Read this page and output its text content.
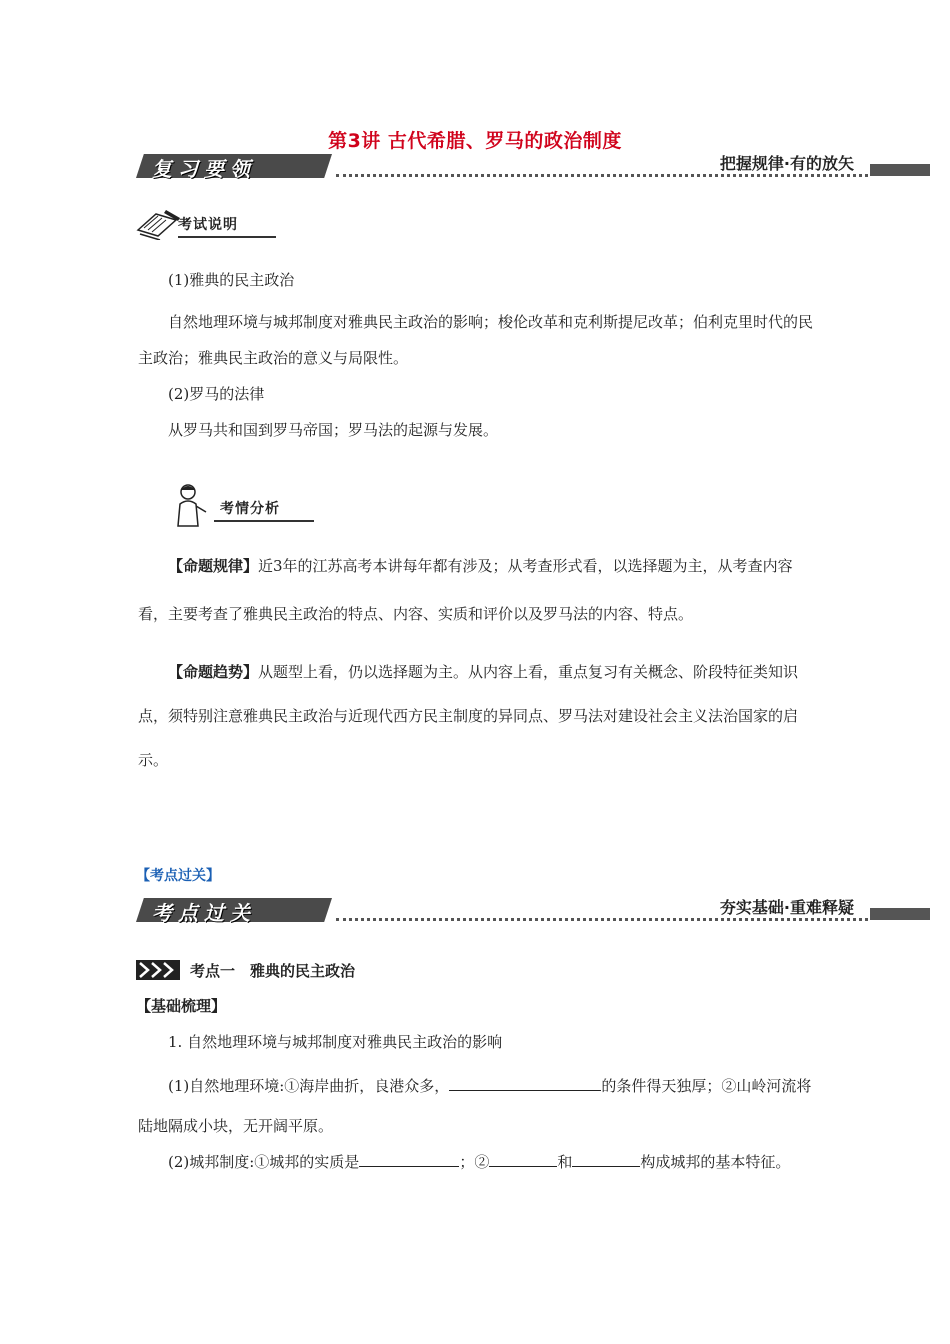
第3讲 古代希腊、罗马的政治制度
复习要领	把握规律·有的放矢
考试说明

(1)雅典的民主政治

自然地理环境与城邦制度对雅典民主政治的影响；梭伦改革和克利斯提尼改革；伯利克里时代的民主政治；雅典民主政治的意义与局限性。

(2)罗马的法律

从罗马共和国到罗马帝国；罗马法的起源与发展。

考情分析

【命题规律】近3年的江苏高考本讲每年都有涉及；从考查形式看，以选择题为主，从考查内容看，主要考查了雅典民主政治的特点、内容、实质和评价以及罗马法的内容、特点。

【命题趋势】从题型上看，仍以选择题为主。从内容上看，重点复习有关概念、阶段特征类知识点，须特别注意雅典民主政治与近现代西方民主制度的异同点、罗马法对建设社会主义法治国家的启示。

【考点过关】
考点过关	夯实基础·重难释疑
考点一　雅典的民主政治
【基础梳理】

1. 自然地理环境与城邦制度对雅典民主政治的影响

(1)自然地理环境:①海岸曲折，良港众多，	的条件得天独厚；②山岭河流将陆地隔成小块，无开阔平原。

(2)城邦制度:①城邦的实质是	；②	和	构成城邦的基本特征。
